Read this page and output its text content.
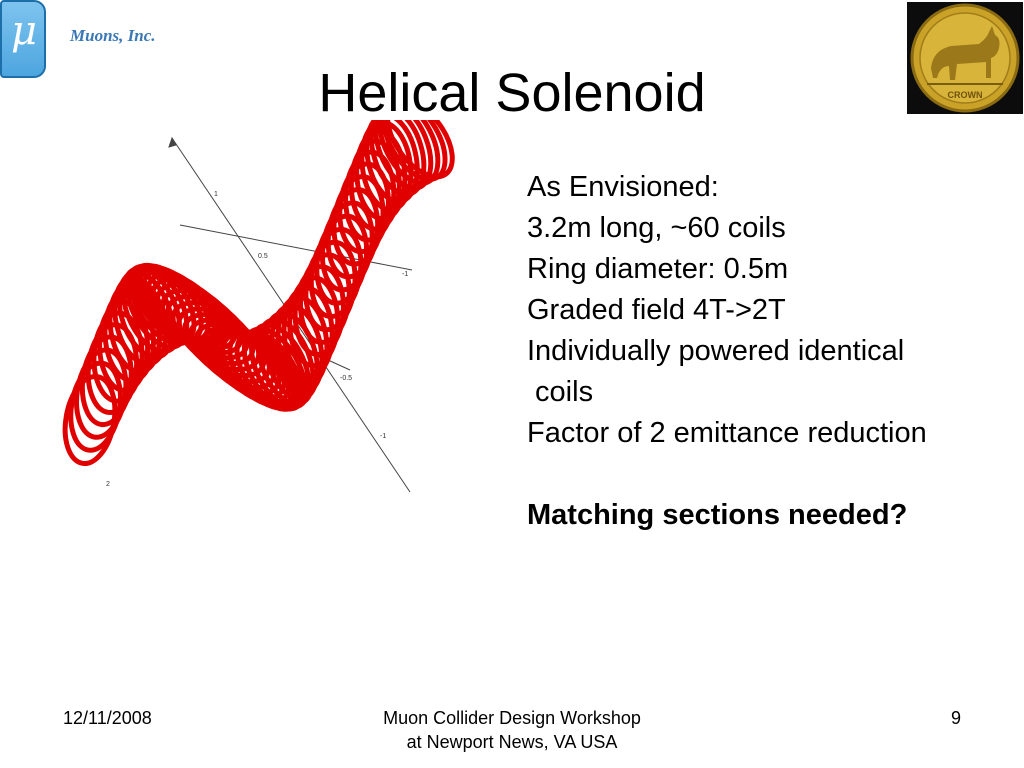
μ	Muons, Inc.
Helical Solenoid	CROWN
1
0.5
0
-0.5
-1
1.5
0.5
-1
2
As Envisioned:
3.2m long, ~60 coils
Ring diameter: 0.5m
Graded field 4T->2T
Individually powered identical
coils
Factor of 2 emittance reduction
Matching sections needed?
12/11/2008	Muon Collider Design Workshop
at Newport News, VA USA
9
